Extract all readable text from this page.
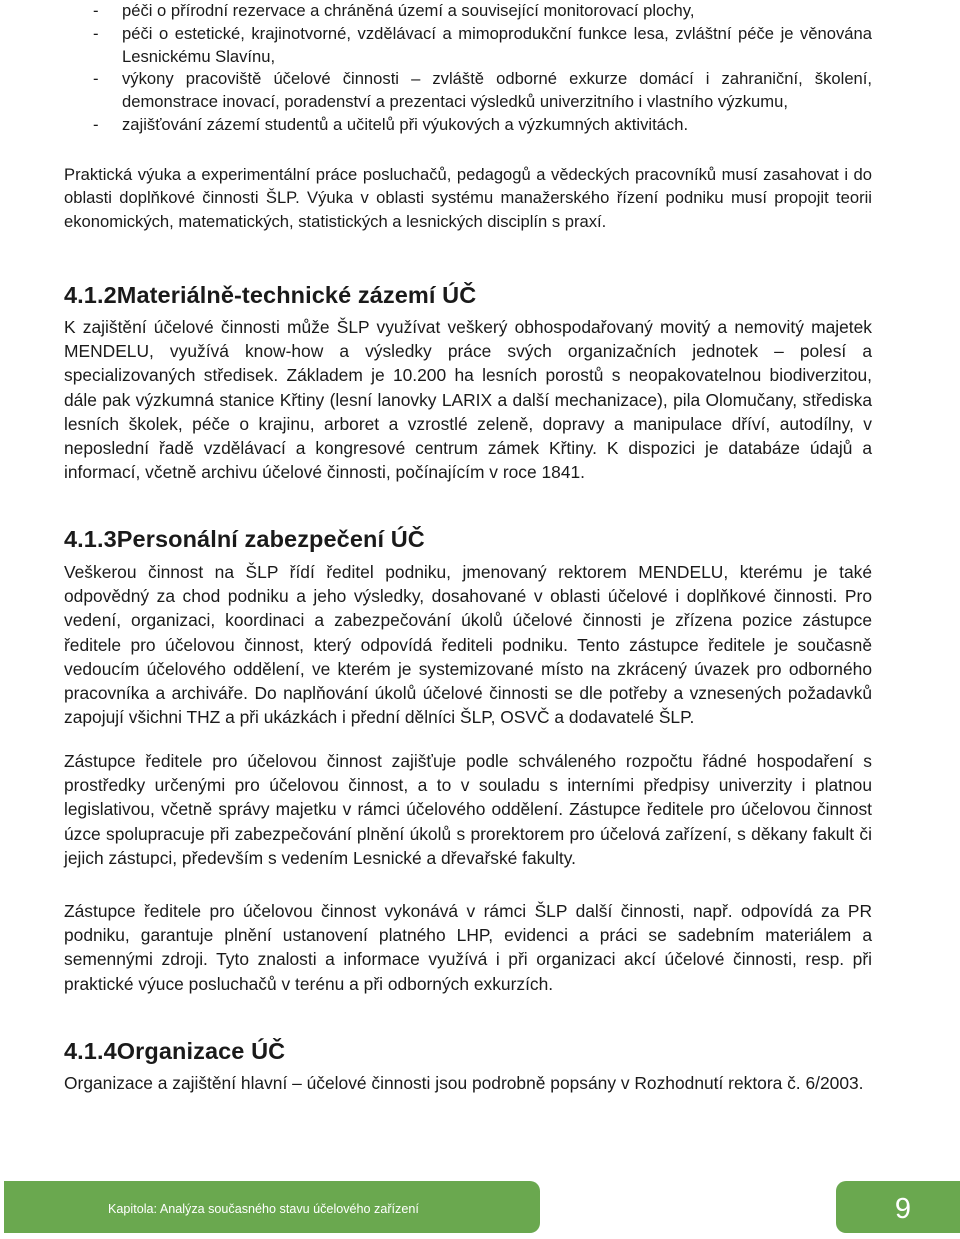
- péči o přírodní rezervace a chráněná území a související monitorovací plochy,
- péči o estetické, krajinotvorné, vzdělávací a mimoprodukční funkce lesa, zvláštní péče je věnována Lesnickému Slavínu,
- výkony pracoviště účelové činnosti – zvláště odborné exkurze domácí i zahraniční, školení, demonstrace inovací, poradenství a prezentaci výsledků univerzitního i vlastního výzkumu,
- zajišťování zázemí studentů a učitelů při výukových a výzkumných aktivitách.

Praktická výuka a experimentální práce posluchačů, pedagogů a vědeckých pracovníků musí zasahovat i do oblasti doplňkové činnosti ŠLP. Výuka v oblasti systému manažerského řízení podniku musí propojit teorii ekonomických, matematických, statistických a lesnických disciplín s praxí.

4.1.2Materiálně-technické zázemí ÚČ

K zajištění účelové činnosti může ŠLP využívat veškerý obhospodařovaný movitý a nemovitý majetek MENDELU, využívá know-how a výsledky práce svých organizačních jednotek – polesí a specializovaných středisek. Základem je 10.200 ha lesních porostů s neopakovatelnou biodiverzitou, dále pak výzkumná stanice Křtiny (lesní lanovky LARIX a další mechanizace), pila Olomučany, střediska lesních školek, péče o krajinu, arboret a vzrostlé zeleně, dopravy a manipulace dříví, autodílny, v neposlední řadě vzdělávací a kongresové centrum zámek Křtiny. K dispozici je databáze údajů a informací, včetně archivu účelové činnosti, počínajícím v roce 1841.

4.1.3Personální zabezpečení ÚČ

Veškerou činnost na ŠLP řídí ředitel podniku, jmenovaný rektorem MENDELU, kterému je také odpovědný za chod podniku a jeho výsledky, dosahované v oblasti účelové i doplňkové činnosti. Pro vedení, organizaci, koordinaci a zabezpečování úkolů účelové činnosti je zřízena pozice zástupce ředitele pro účelovou činnost, který odpovídá řediteli podniku. Tento zástupce ředitele je současně vedoucím účelového oddělení, ve kterém je systemizované místo na zkrácený úvazek pro odborného pracovníka a archiváře. Do naplňování úkolů účelové činnosti se dle potřeby a vznesených požadavků zapojují všichni THZ a při ukázkách i přední dělníci ŠLP, OSVČ a dodavatelé ŠLP.

Zástupce ředitele pro účelovou činnost zajišťuje podle schváleného rozpočtu řádné hospodaření s prostředky určenými pro účelovou činnost, a to v souladu s interními předpisy univerzity i platnou legislativou, včetně správy majetku v rámci účelového oddělení. Zástupce ředitele pro účelovou činnost úzce spolupracuje při zabezpečování plnění úkolů s prorektorem pro účelová zařízení, s děkany fakult či jejich zástupci, především s vedením Lesnické a dřevařské fakulty.

Zástupce ředitele pro účelovou činnost vykonává v rámci ŠLP další činnosti, např. odpovídá za PR podniku, garantuje plnění ustanovení platného LHP, evidenci a práci se sadebním materiálem a semennými zdroji. Tyto znalosti a informace využívá i při organizaci akcí účelové činnosti, resp. při praktické výuce posluchačů v terénu a při odborných exkurzích.

4.1.4Organizace ÚČ

Organizace a zajištění hlavní – účelové činnosti jsou podrobně popsány v Rozhodnutí rektora č. 6/2003.

Kapitola: Analýza současného stavu účelového zařízení	9
